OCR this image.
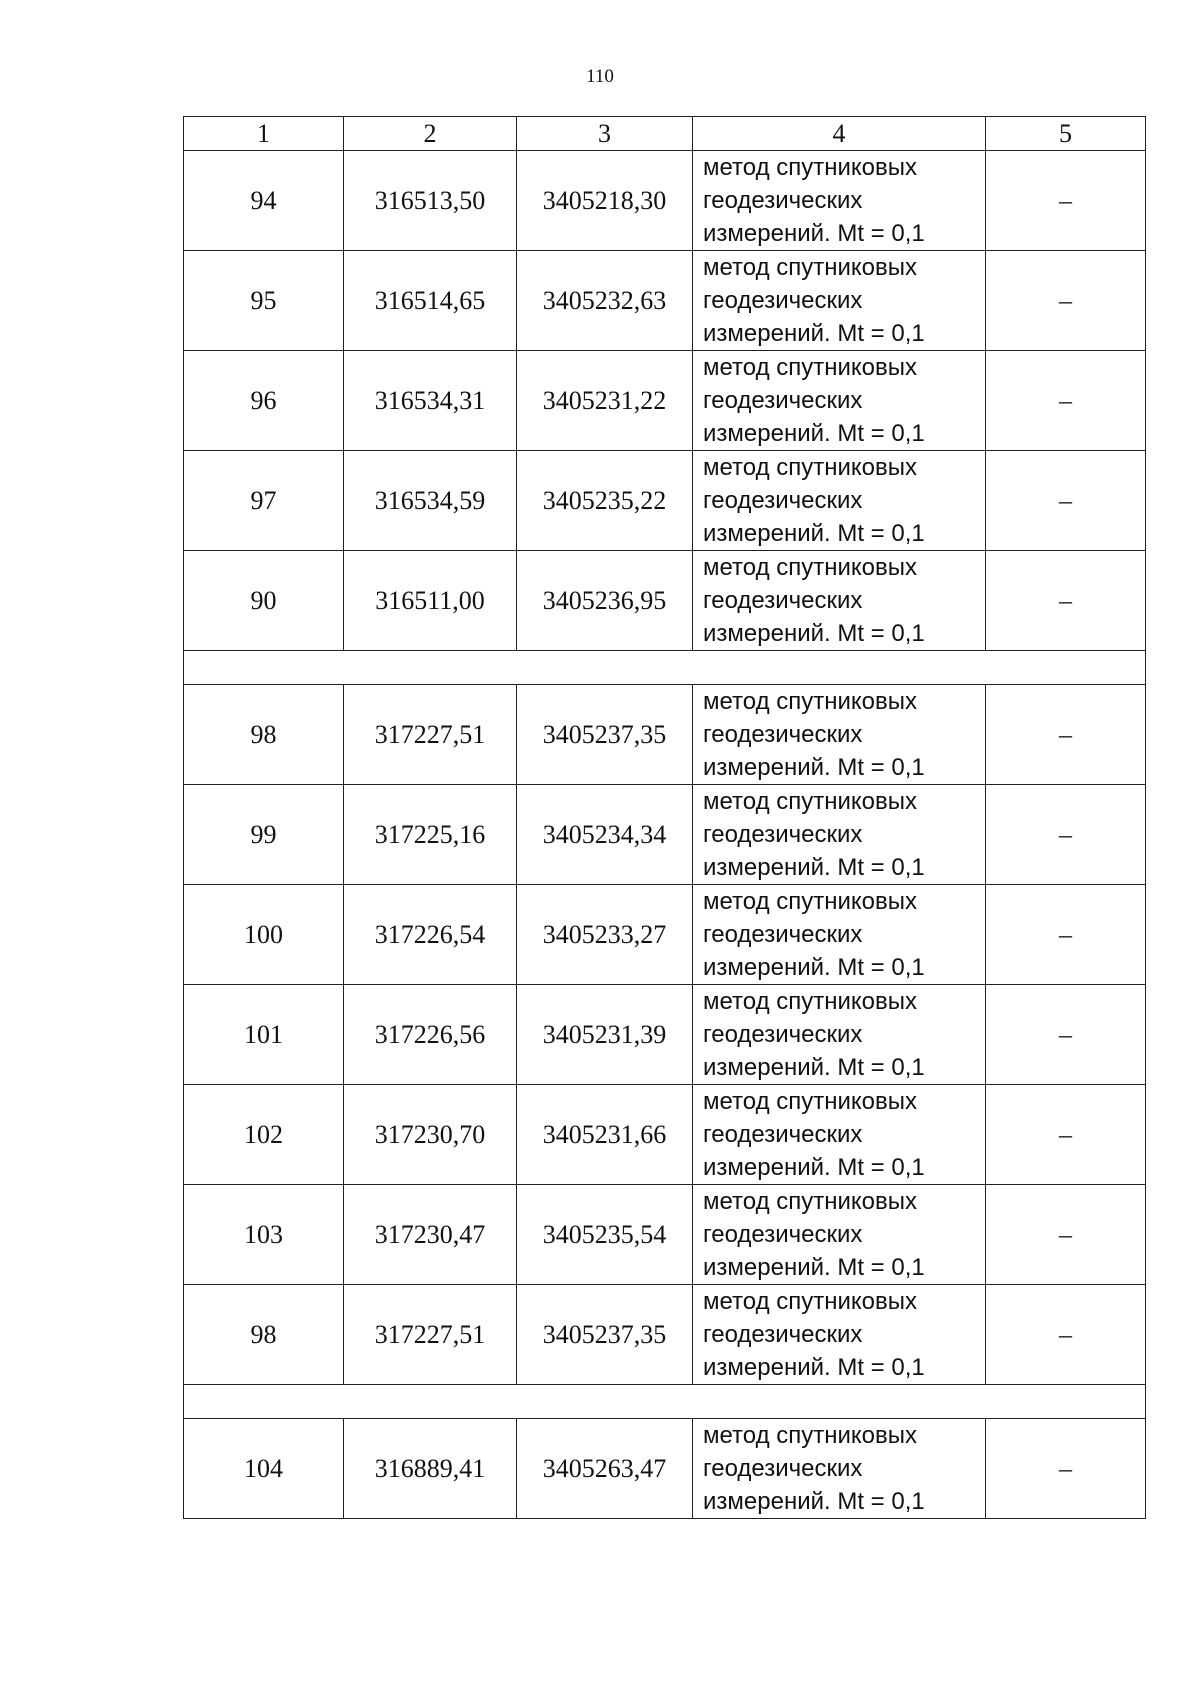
110
1	2	3	4	5
94	316513,50	3405218,30	метод спутниковых
геодезических
измерений. Mt = 0,1	–
95	316514,65	3405232,63	метод спутниковых
геодезических
измерений. Mt = 0,1	–
96	316534,31	3405231,22	метод спутниковых
геодезических
измерений. Mt = 0,1	–
97	316534,59	3405235,22	метод спутниковых
геодезических
измерений. Mt = 0,1	–
90	316511,00	3405236,95	метод спутниковых
геодезических
измерений. Mt = 0,1	–

98	317227,51	3405237,35	метод спутниковых
геодезических
измерений. Mt = 0,1	–
99	317225,16	3405234,34	метод спутниковых
геодезических
измерений. Mt = 0,1	–
100	317226,54	3405233,27	метод спутниковых
геодезических
измерений. Mt = 0,1	–
101	317226,56	3405231,39	метод спутниковых
геодезических
измерений. Mt = 0,1	–
102	317230,70	3405231,66	метод спутниковых
геодезических
измерений. Mt = 0,1	–
103	317230,47	3405235,54	метод спутниковых
геодезических
измерений. Mt = 0,1	–
98	317227,51	3405237,35	метод спутниковых
геодезических
измерений. Mt = 0,1	–

104	316889,41	3405263,47	метод спутниковых
геодезических
измерений. Mt = 0,1	–
